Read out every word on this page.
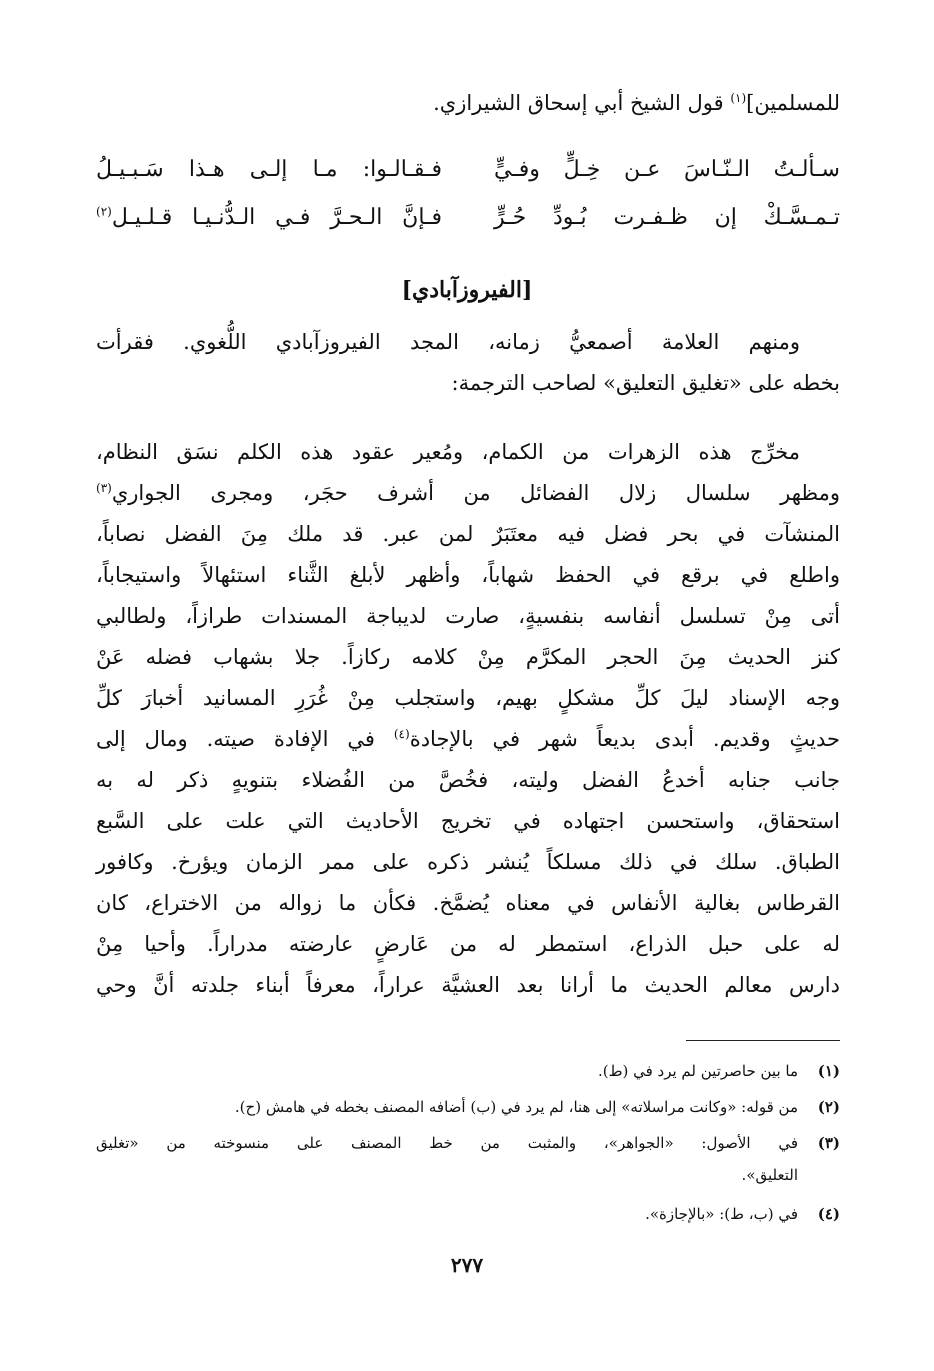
للمسلمين]$^{(١)}$ قول الشيخ أبي إسحاق الشيرازي.
سـألـتُ الـنّـاسَ عـن خِـلٍّ وفـيٍّ
فـقـالـوا: مـا إلـى هـذا سَـبـيـلُ
تـمـسَّـكْ إن ظـفـرت بُـودِّ حُـرٍّ
فـإنَّ الـحـرَّ فـي الـدُّنـيـا قـلـيـل$^{(٢)}$
[الفيروزآبادي]
ومنهم العلامة أصمعيُّ زمانه، المجد الفيروزآبادي اللُّغوي. فقرأت
بخطه على «تغليق التعليق» لصاحب الترجمة:
مخرِّج هذه الزهرات من الكمام، ومُعير عقود هذه الكلم نسَق النظام،
ومظهر سلسال زلال الفضائل من أشرف حجَر، ومجرى الجواري$^{(٣)}$
المنشآت في بحر فضل فيه معتَبَرٌ لمن عبر. قد ملك مِنَ الفضل نصاباً،
واطلع في برقع في الحفظ شهاباً، وأظهر لأبلغ الثَّناء استئهالاً واستيجاباً،
أتى مِنْ تسلسل أنفاسه بنفسيةٍ، صارت لديباجة المسندات طرازاً، ولطالبي
كنز الحديث مِنَ الحجر المكرَّم مِنْ كلامه ركازاً. جلا بشهاب فضله عَنْ
وجه الإسناد ليلَ كلِّ مشكلٍ بهيم، واستجلب مِنْ غُرَرِ المسانيد أخبارَ كلِّ
حديثٍ وقديم. أبدى بديعاً شهر في بالإجادة$^{(٤)}$ في الإفادة صيته. ومال إلى
جانب جنابه أخدعُ الفضل وليته، فخُصَّ من الفُضلاء بتنويهٍ ذكر له به
استحقاق، واستحسن اجتهاده في تخريج الأحاديث التي علت على السَّبع
الطباق. سلك في ذلك مسلكاً يُنشر ذكره على ممر الزمان ويؤرخ. وكافور
القرطاس بغالية الأنفاس في معناه يُضمَّخ. فكأن ما زواله من الاختراع، كان
له على حبل الذراع، استمطر له من عَارضٍ عارضته مدراراً. وأحيا مِنْ
دارس معالم الحديث ما أرانا بعد العشيَّة عراراً، معرفاً أبناء جلدته أنَّ وحي
(١)ما بين حاصرتين لم يرد في (ط).
(٢)من قوله: «وكانت مراسلاته» إلى هنا، لم يرد في (ب) أضافه المصنف بخطه في هامش (ح).
(٣)في الأصول: «الجواهر»، والمثبت من خط المصنف على منسوخته من «تغليق
التعليق».
(٤)في (ب، ط): «بالإجازة».
٢٧٧
